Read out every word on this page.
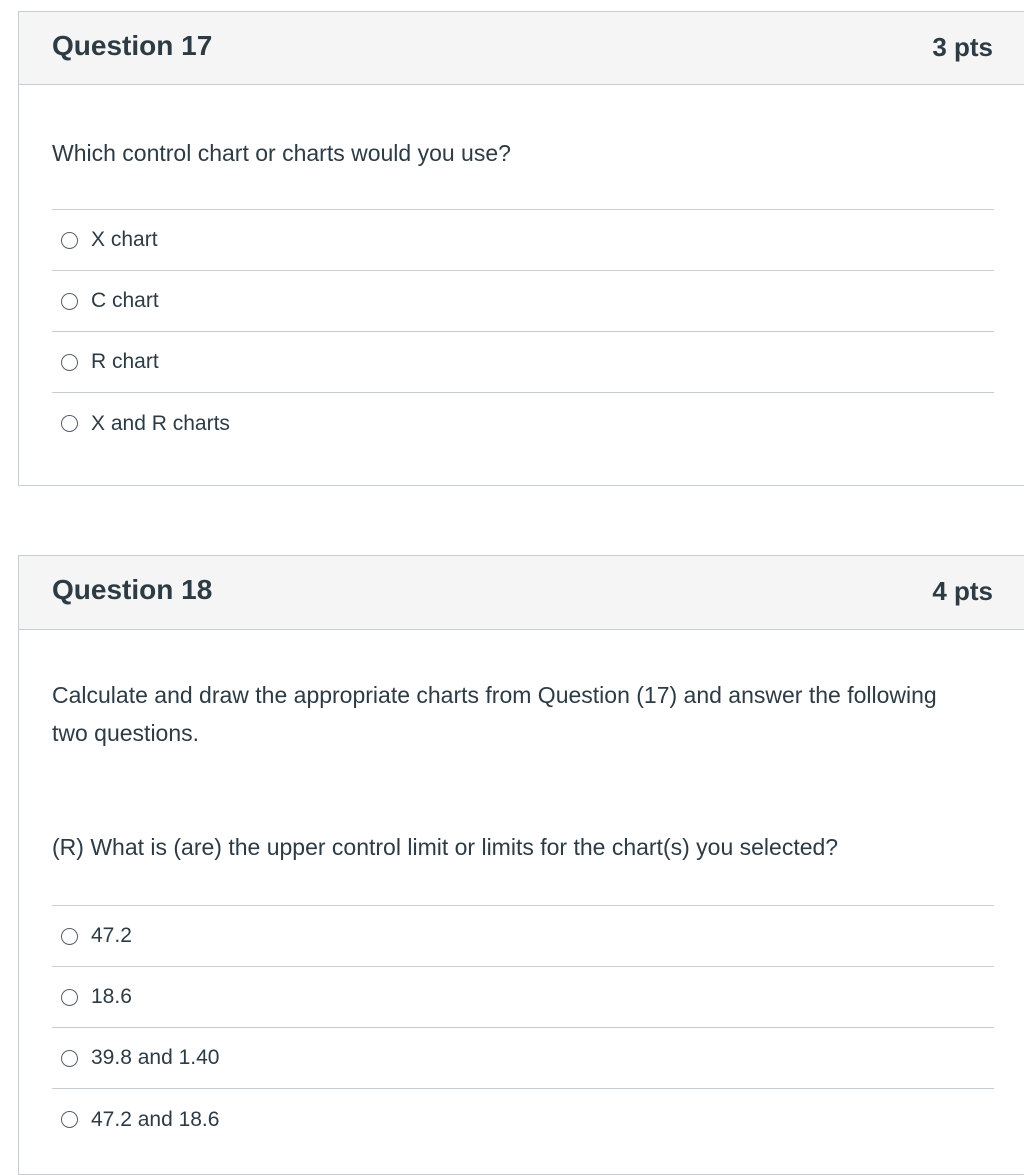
Question 17	3 pts
Which control chart or charts would you use?
X chart
C chart
R chart
X and R charts
Question 18	4 pts
Calculate and draw the appropriate charts from Question (17) and answer the following two questions.
(R) What is (are) the upper control limit or limits for the chart(s) you selected?
47.2
18.6
39.8 and 1.40
47.2 and 18.6
